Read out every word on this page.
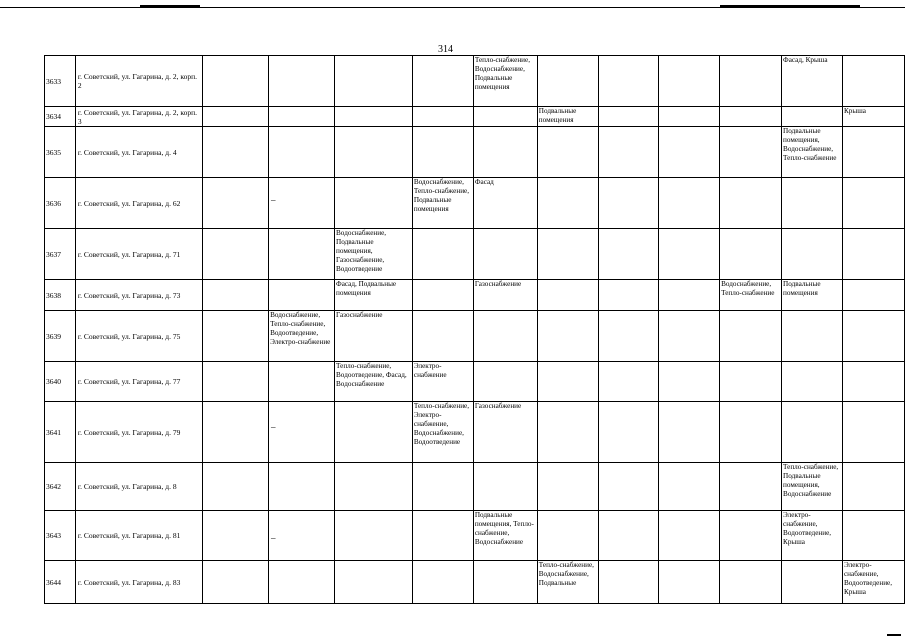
314
3633	г. Советский, ул. Гагарина, д. 2, корп. 2					Тепло-снабжение, Водоснабжение, Подвальные помещения					Фасад, Крыша	
3634	г. Советский, ул. Гагарина, д. 2, корп. 3						Подвальные помещения					Крыша
3635	г. Советский, ул. Гагарина, д. 4										Подвальные помещения, Водоснабжение, Тепло-снабжение	
3636	г. Советский, ул. Гагарина, д. 62				Водоснабжение, Тепло-снабжение, Подвальные помещения	Фасад						
3637	г. Советский, ул. Гагарина, д. 71			Водоснабжение, Подвальные помещения, Газоснабжение, Водоотведение								
3638	г. Советский, ул. Гагарина, д. 73			Фасад, Подвальные помещения		Газоснабжение				Водоснабжение, Тепло-снабжение	Подвальные помещения	
3639	г. Советский, ул. Гагарина, д. 75		Водоснабжение, Тепло-снабжение, Водоотведение, Электро-снабжение	Газоснабжение								
3640	г. Советский, ул. Гагарина, д. 77			Тепло-снабжение, Водоотведение, Фасад, Водоснабжение	Электро-снабжение							
3641	г. Советский, ул. Гагарина, д. 79				Тепло-снабжение, Электро-снабжение, Водоснабжение, Водоотведение	Газоснабжение						
3642	г. Советский, ул. Гагарина, д. 8										Тепло-снабжение, Подвальные помещения, Водоснабжение	
3643	г. Советский, ул. Гагарина, д. 81					Подвальные помещения, Тепло-снабжение, Водоснабжение					Электро-снабжение, Водоотведение, Крыша	
3644	г. Советский, ул. Гагарина, д. 83						Тепло-снабжение, Водоснабжение, Подвальные					Электро-снабжение, Водоотведение, Крыша
–
–
–
